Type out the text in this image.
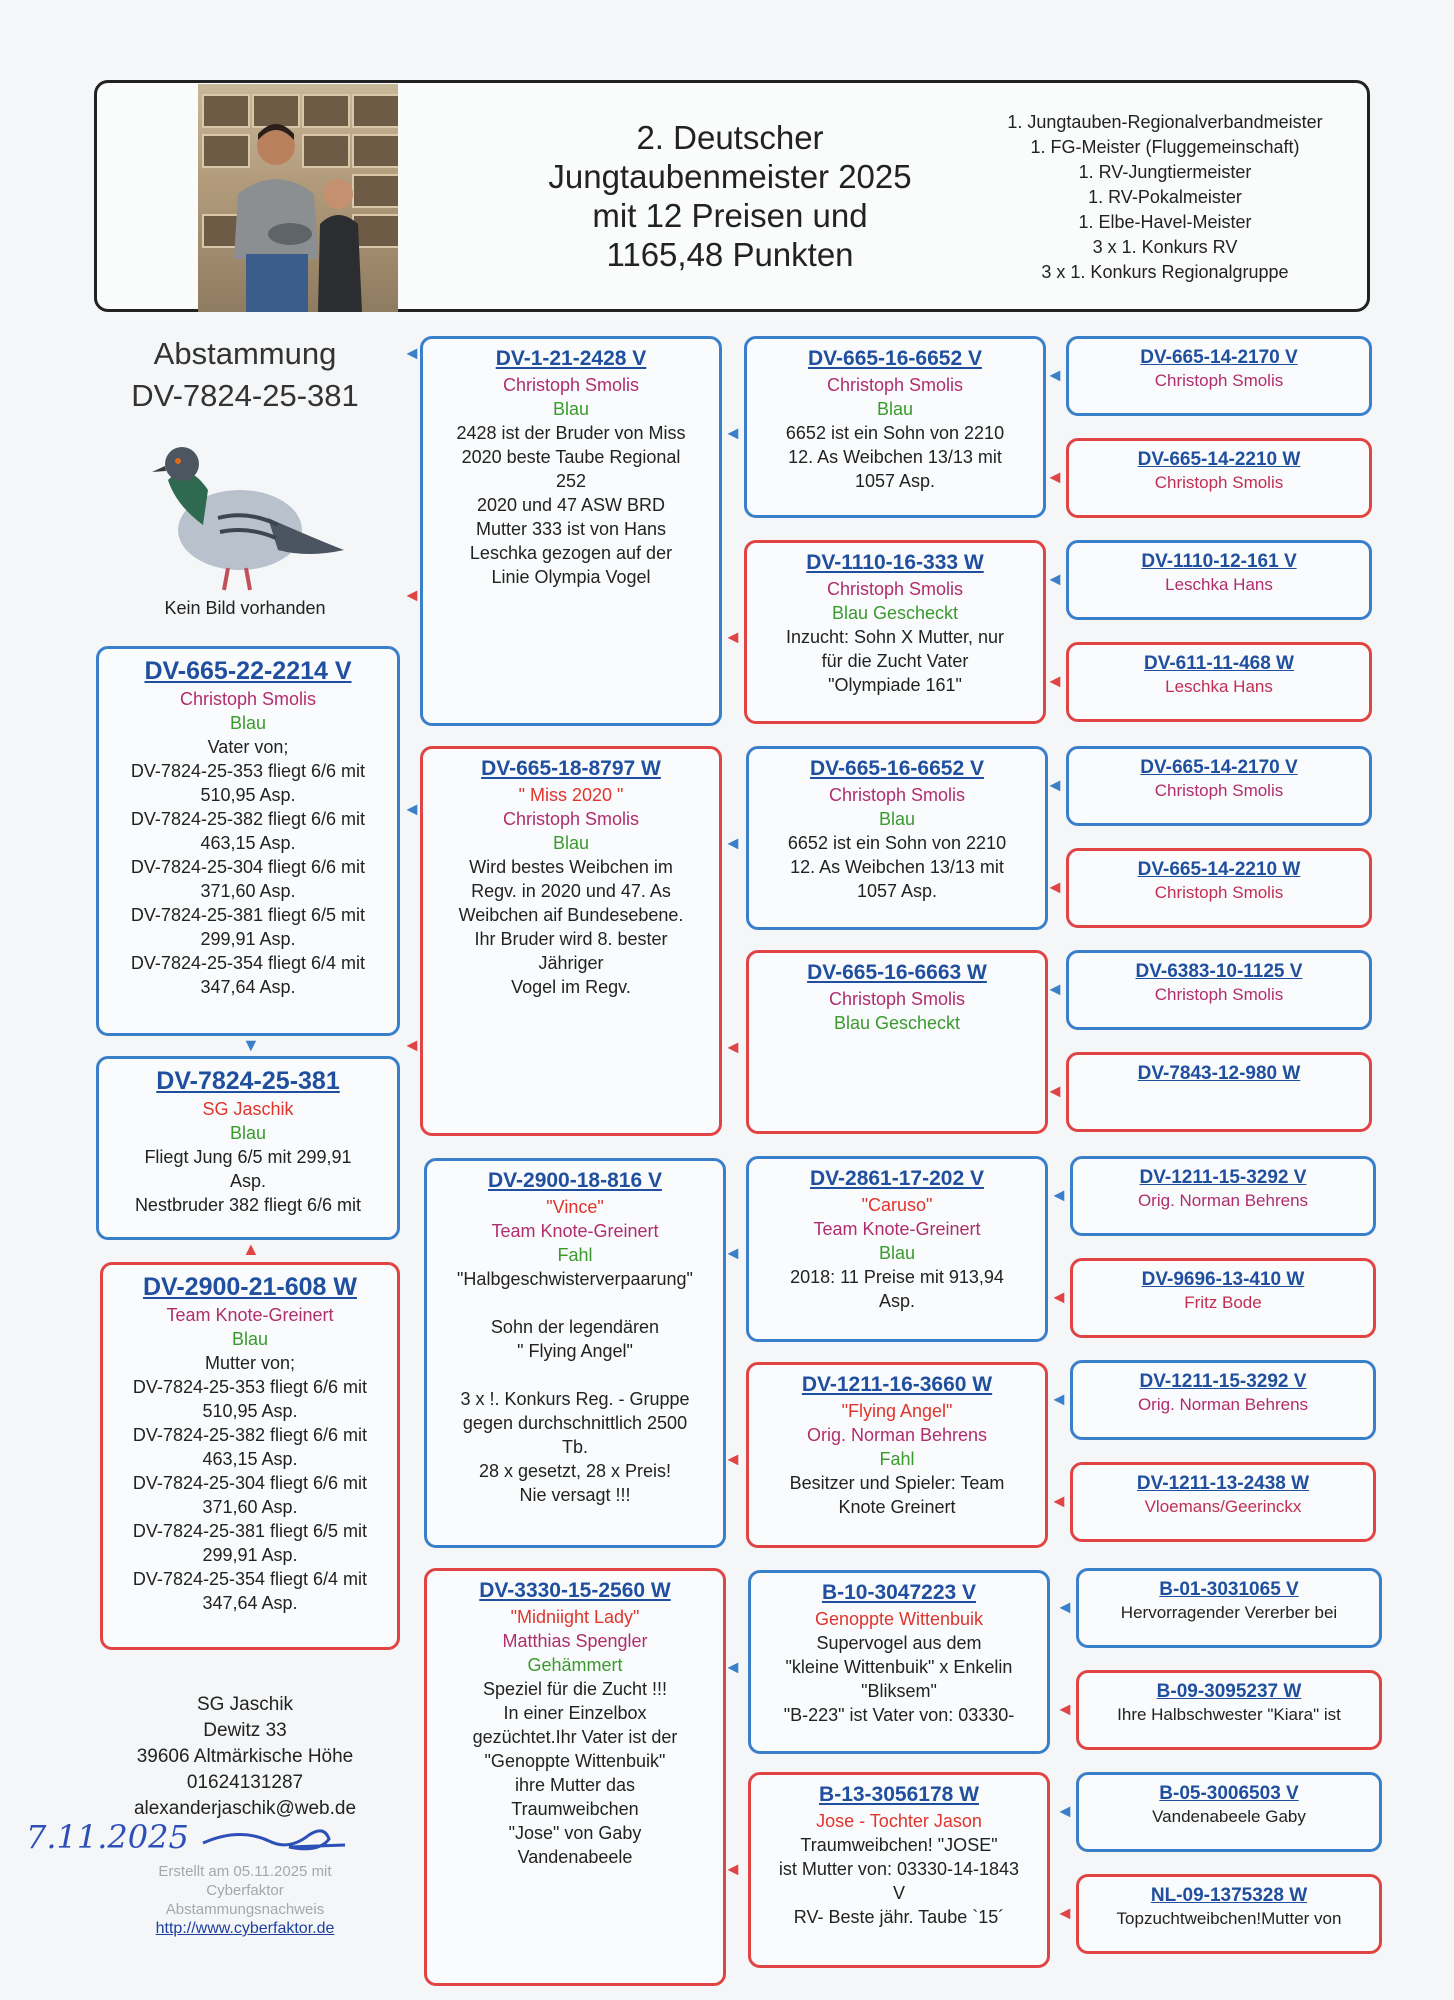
2. Deutscher
Jungtaubenmeister 2025
mit 12 Preisen und
1165,48 Punkten
1. Jungtauben-Regionalverbandmeister
1. FG-Meister (Fluggemeinschaft)
1. RV-Jungtiermeister
1. RV-Pokalmeister
1. Elbe-Havel-Meister
3 x 1. Konkurs RV
3 x 1. Konkurs Regionalgruppe
Abstammung
DV-7824-25-381
Kein Bild vorhanden
DV-665-22-2214 V
Christoph Smolis
Blau
Vater von;
DV-7824-25-353 fliegt 6/6 mit
510,95 Asp.
DV-7824-25-382 fliegt 6/6 mit
463,15 Asp.
DV-7824-25-304 fliegt 6/6 mit
371,60 Asp.
DV-7824-25-381 fliegt 6/5 mit
299,91 Asp.
DV-7824-25-354 fliegt 6/4 mit
347,64 Asp.
▼
DV-7824-25-381
SG Jaschik
Blau
Fliegt Jung 6/5 mit 299,91
Asp.
Nestbruder 382 fliegt 6/6 mit
▲
DV-2900-21-608 W
Team Knote-Greinert
Blau
Mutter von;
DV-7824-25-353 fliegt 6/6 mit
510,95 Asp.
DV-7824-25-382 fliegt 6/6 mit
463,15 Asp.
DV-7824-25-304 fliegt 6/6 mit
371,60 Asp.
DV-7824-25-381 fliegt 6/5 mit
299,91 Asp.
DV-7824-25-354 fliegt 6/4 mit
347,64 Asp.
SG Jaschik
Dewitz 33
39606 Altmärkische Höhe
01624131287
alexanderjaschik@web.de
7.11.2025
Erstellt am 05.11.2025 mit
Cyberfaktor
Abstammungsnachweis
http://www.cyberfaktor.de
DV-1-21-2428 V
Christoph Smolis
Blau
2428 ist der Bruder von Miss
2020 beste Taube Regional
252
2020 und 47 ASW BRD
Mutter 333 ist von Hans
Leschka gezogen auf der
Linie Olympia Vogel
◄
DV-665-18-8797 W
" Miss 2020 "
Christoph Smolis
Blau
Wird bestes Weibchen im
Regv. in 2020 und 47. As
Weibchen aif Bundesebene.
Ihr Bruder wird 8. bester
Jähriger
Vogel im Regv.
◄
DV-2900-18-816 V
"Vince"
Team Knote-Greinert
Fahl
"Halbgeschwisterverpaarung"

Sohn der legendären
" Flying Angel"

3 x !. Konkurs Reg. - Gruppe
gegen durchschnittlich 2500
Tb.
28 x gesetzt, 28 x Preis!
Nie versagt !!!
◄
DV-3330-15-2560 W
"Midniight Lady"
Matthias Spengler
Gehämmert
Speziel für die Zucht !!!
In einer Einzelbox
gezüchtet.Ihr Vater ist der
"Genoppte Wittenbuik"
ihre Mutter das
Traumweibchen
"Jose" von Gaby
Vandenabeele
◄
DV-665-16-6652 V
Christoph Smolis
Blau
6652 ist ein Sohn von 2210
12. As Weibchen 13/13 mit
1057 Asp.
◄
DV-1110-16-333 W
Christoph Smolis
Blau Gescheckt
Inzucht: Sohn X Mutter, nur
für die Zucht Vater
"Olympiade 161"
◄
DV-665-16-6652 V
Christoph Smolis
Blau
6652 ist ein Sohn von 2210
12. As Weibchen 13/13 mit
1057 Asp.
◄
DV-665-16-6663 W
Christoph Smolis
Blau Gescheckt
◄
DV-2861-17-202 V
"Caruso"
Team Knote-Greinert
Blau
2018: 11 Preise mit 913,94
Asp.
◄
DV-1211-16-3660 W
"Flying Angel"
Orig. Norman Behrens
Fahl
Besitzer und Spieler: Team
Knote Greinert
◄
B-10-3047223 V
Genoppte Wittenbuik
Supervogel aus dem
"kleine Wittenbuik" x Enkelin
"Bliksem"
"B-223" ist Vater von: 03330-
◄
B-13-3056178 W
Jose - Tochter Jason
Traumweibchen! "JOSE"
ist Mutter von: 03330-14-1843
V
RV- Beste jähr. Taube `15´
◄
DV-665-14-2170 V
Christoph Smolis
◄
DV-665-14-2210 W
Christoph Smolis
◄
DV-1110-12-161 V
Leschka Hans
◄
DV-611-11-468 W
Leschka Hans
◄
DV-665-14-2170 V
Christoph Smolis
◄
DV-665-14-2210 W
Christoph Smolis
◄
DV-6383-10-1125 V
Christoph Smolis
◄
DV-7843-12-980 W
◄
DV-1211-15-3292 V
Orig. Norman Behrens
◄
DV-9696-13-410 W
Fritz Bode
◄
DV-1211-15-3292 V
Orig. Norman Behrens
◄
DV-1211-13-2438 W
Vloemans/Geerinckx
◄
B-01-3031065 V
Hervorragender Vererber bei
◄
B-09-3095237 W
Ihre Halbschwester "Kiara" ist
◄
B-05-3006503 V
Vandenabeele Gaby
◄
NL-09-1375328 W
Topzuchtweibchen!Mutter von
◄
